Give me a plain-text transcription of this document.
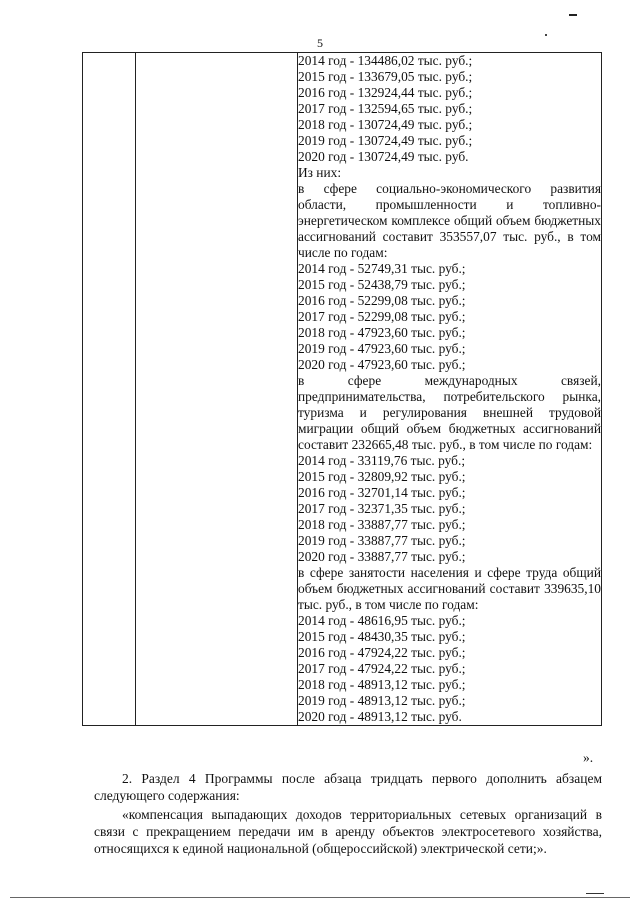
5

2014 год - 134486,02 тыс. руб.;
2015 год - 133679,05 тыс. руб.;
2016 год - 132924,44 тыс. руб.;
2017 год - 132594,65 тыс. руб.;
2018 год - 130724,49 тыс. руб.;
2019 год - 130724,49 тыс. руб.;
2020 год - 130724,49 тыс. руб.
Из них:
в сфере социально-экономического развития области, промышленности и топливно-энергетическом комплексе общий объем бюджетных ассигнований составит 353557,07 тыс. руб., в том числе по годам:
2014 год - 52749,31 тыс. руб.;
2015 год - 52438,79 тыс. руб.;
2016 год - 52299,08 тыс. руб.;
2017 год - 52299,08 тыс. руб.;
2018 год - 47923,60 тыс. руб.;
2019 год - 47923,60 тыс. руб.;
2020 год - 47923,60 тыс. руб.;
в сфере международных связей, предпринимательства, потребительского рынка, туризма и регулирования внешней трудовой миграции общий объем бюджетных ассигнований составит 232665,48 тыс. руб., в том числе по годам:
2014 год - 33119,76 тыс. руб.;
2015 год - 32809,92 тыс. руб.;
2016 год - 32701,14 тыс. руб.;
2017 год - 32371,35 тыс. руб.;
2018 год - 33887,77 тыс. руб.;
2019 год - 33887,77 тыс. руб.;
2020 год - 33887,77 тыс. руб.;
в сфере занятости населения и сфере труда общий объем бюджетных ассигнований составит 339635,10 тыс. руб., в том числе по годам:
2014 год - 48616,95 тыс. руб.;
2015 год - 48430,35 тыс. руб.;
2016 год - 47924,22 тыс. руб.;
2017 год - 47924,22 тыс. руб.;
2018 год - 48913,12 тыс. руб.;
2019 год - 48913,12 тыс. руб.;
2020 год - 48913,12 тыс. руб.
».
2. Раздел 4 Программы после абзаца тридцать первого дополнить абзацем следующего содержания:
«компенсация выпадающих доходов территориальных сетевых организаций в связи с прекращением передачи им в аренду объектов электросетевого хозяйства, относящихся к единой национальной (общероссийской) электрической сети;».
